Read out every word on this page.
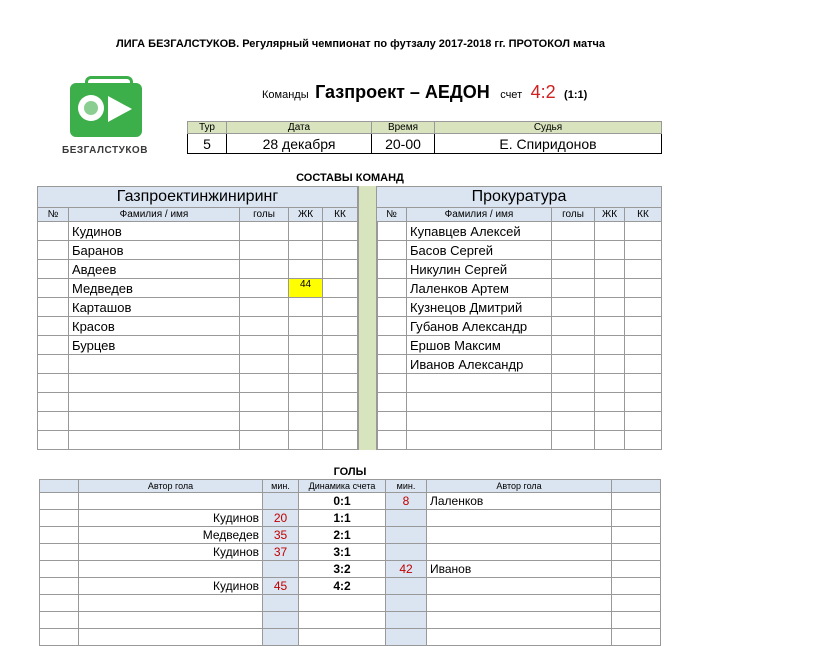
ЛИГА БЕЗГАЛСТУКОВ. Регулярный чемпионат по футзалу 2017-2018 гг. ПРОТОКОЛ матча
БЕЗГАЛСТУКОВ
Команды Газпроект – АЕДОН счет 4:2 (1:1)
Тур	Дата	Время	Судья
5	28 декабря	20-00	Е. Спиридонов
СОСТАВЫ КОМАНД
Газпроектинжиниринг				
№	Фамилия / имя	голы	ЖК	КК
	Кудинов			
	Баранов			
	Авдеев			
	Медведев		44	
	Карташов			
	Красов			
	Бурцев			

Прокуратура				
№	Фамилия / имя	голы	ЖК	КК
	Купавцев Алексей			
	Басов Сергей			
	Никулин Сергей			
	Лаленков Артем			
	Кузнецов Дмитрий			
	Губанов Александр			
	Ершов Максим			
	Иванов Александр			

ГОЛЫ
	Автор гола	мин.	Динамика счета	мин.	Автор гола	
			0:1	8	Лаленков	
	Кудинов	20	1:1			
	Медведев	35	2:1			
	Кудинов	37	3:1			
			3:2	42	Иванов	
	Кудинов	45	4:2			
